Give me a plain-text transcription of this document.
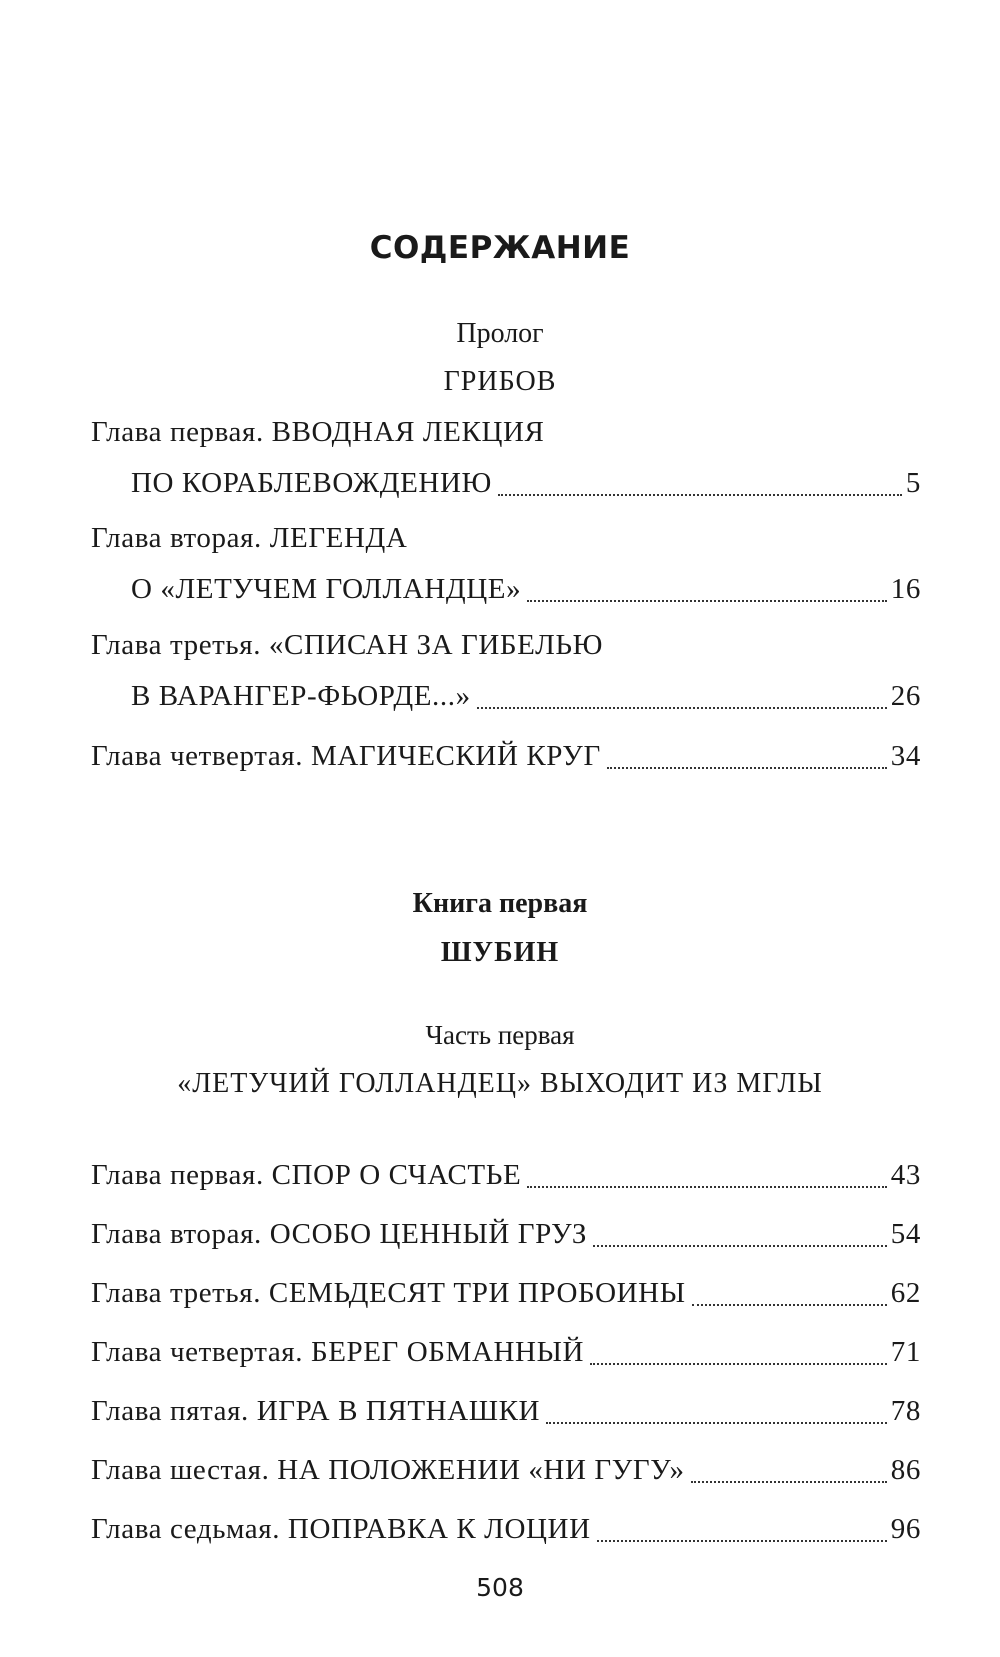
СОДЕРЖАНИЕ
Пролог
ГРИБОВ
Глава первая. ВВОДНАЯ ЛЕКЦИЯ
ПО КОРАБЛЕВОЖДЕНИЮ	5
Глава вторая. ЛЕГЕНДА
О «ЛЕТУЧЕМ ГОЛЛАНДЦЕ»	16
Глава третья. «СПИСАН ЗА ГИБЕЛЬЮ
В ВАРАНГЕР-ФЬОРДЕ...»	26
Глава четвертая. МАГИЧЕСКИЙ КРУГ	34
Книга первая
ШУБИН
Часть первая
«ЛЕТУЧИЙ ГОЛЛАНДЕЦ» ВЫХОДИТ ИЗ МГЛЫ
Глава первая. СПОР О СЧАСТЬЕ	43
Глава вторая. ОСОБО ЦЕННЫЙ ГРУЗ	54
Глава третья. СЕМЬДЕСЯТ ТРИ ПРОБОИНЫ	62
Глава четвертая. БЕРЕГ ОБМАННЫЙ	71
Глава пятая. ИГРА В ПЯТНАШКИ	78
Глава шестая. НА ПОЛОЖЕНИИ «НИ ГУГУ»	86
Глава седьмая. ПОПРАВКА К ЛОЦИИ	96
508
